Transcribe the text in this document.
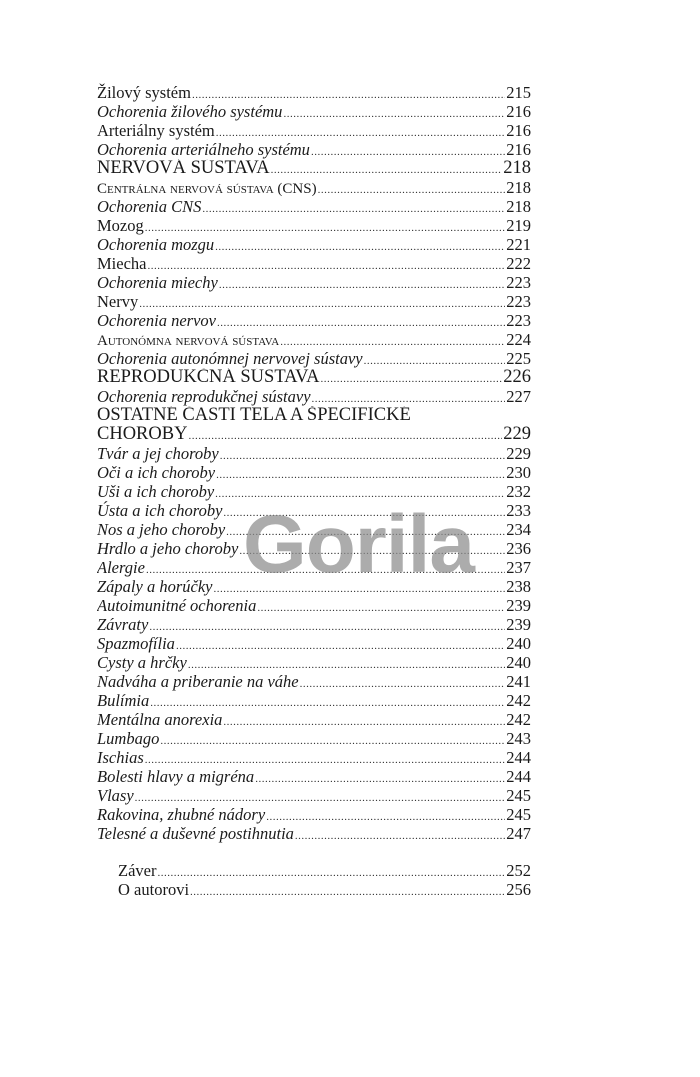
Žilový systém .....	215
Ochorenia žilového systému .....	216
Arteriálny systém .....	216
Ochorenia arteriálneho systému .....	216
NERVOVÁ SÚSTAVA .....	218
Centrálna nervová sústava (CNS) .....	218
Ochorenia CNS .....	218
Mozog .....	219
Ochorenia mozgu .....	221
Miecha .....	222
Ochorenia miechy .....	223
Nervy .....	223
Ochorenia nervov .....	223
Autonómna nervová sústava .....	224
Ochorenia autonómnej nervovej sústavy .....	225
REPRODUKČNÁ SÚSTAVA .....	226
Ochorenia reprodukčnej sústavy .....	227
OSTATNÉ ČASTI TELA A ŠPECIFICKÉ
CHOROBY .....	229
Tvár a jej choroby .....	229
Oči a ich choroby .....	230
Uši a ich choroby .....	232
Ústa a ich choroby .....	233
Nos a jeho choroby .....	234
Hrdlo a jeho choroby .....	236
Alergie .....	237
Zápaly a horúčky .....	238
Autoimunitné ochorenia .....	239
Závraty .....	239
Spazmofília .....	240
Cysty a hrčky .....	240
Nadváha a priberanie na váhe .....	241
Bulímia .....	242
Mentálna anorexia .....	242
Lumbago .....	243
Ischias .....	244
Bolesti hlavy a migréna .....	244
Vlasy .....	245
Rakovina, zhubné nádory .....	245
Telesné a duševné postihnutia .....	247
Záver .....	252
O autorovi .....	256
Gorila
